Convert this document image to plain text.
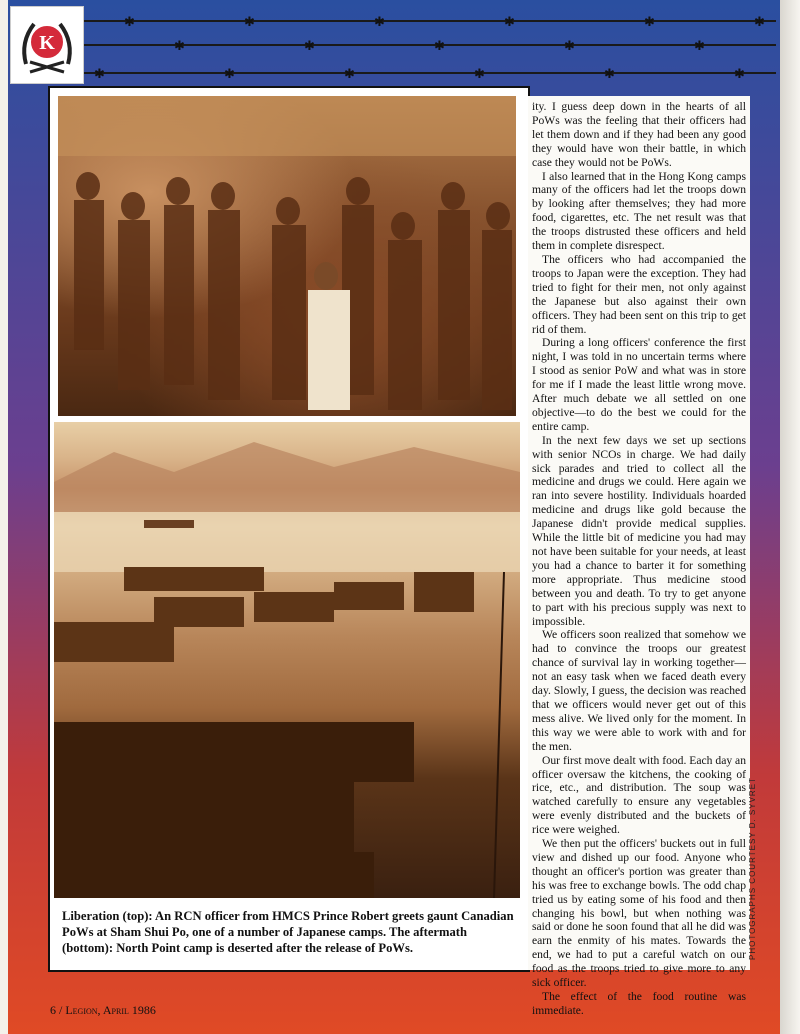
✱	✱	✱	✱	✱	✱
✱	✱	✱	✱	✱
✱	✱	✱	✱	✱	✱
K
Liberation (top): An RCN officer from HMCS Prince Robert greets gaunt Canadian PoWs at Sham Shui Po, one of a number of Japanese camps. The aftermath (bottom): North Point camp is deserted after the release of PoWs.

ity. I guess deep down in the hearts of all PoWs was the feeling that their officers had let them down and if they had been any good they would have won their battle, in which case they would not be PoWs.

I also learned that in the Hong Kong camps many of the officers had let the troops down by looking after themselves; they had more food, cigarettes, etc. The net result was that the troops distrusted these officers and held them in complete disrespect.

The officers who had accompanied the troops to Japan were the exception. They had tried to fight for their men, not only against the Japanese but also against their own officers. They had been sent on this trip to get rid of them.

During a long officers' conference the first night, I was told in no uncertain terms where I stood as senior PoW and what was in store for me if I made the least little wrong move. After much debate we all settled on one objective—to do the best we could for the entire camp.

In the next few days we set up sections with senior NCOs in charge. We had daily sick parades and tried to collect all the medicine and drugs we could. Here again we ran into severe hostility. Individuals hoarded medicine and drugs like gold because the Japanese didn't provide medical supplies. While the little bit of medicine you had may not have been suitable for your needs, at least you had a chance to barter it for something more appropriate. Thus medicine stood between you and death. To try to get anyone to part with his precious supply was next to impossible.

We officers soon realized that somehow we had to convince the troops our greatest chance of survival lay in working together—not an easy task when we faced death every day. Slowly, I guess, the decision was reached that we officers would never get out of this mess alive. We lived only for the moment. In this way we were able to work with and for the men.

Our first move dealt with food. Each day an officer oversaw the kitchens, the cooking of rice, etc., and distribution. The soup was watched carefully to ensure any vegetables were evenly distributed and the buckets of rice were weighed.

We then put the officers' buckets out in full view and dished up our food. Anyone who thought an officer's portion was greater than his was free to exchange bowls. The odd chap tried us by eating some of his food and then changing his bowl, but when nothing was said or done he soon found that all he did was earn the enmity of his mates. Towards the end, we had to put a careful watch on our food as the troops tried to give more to any sick officer.

The effect of the food routine was immediate.

PHOTOGRAPHS COURTESY D. SYVRET
6 / Legion, April 1986
